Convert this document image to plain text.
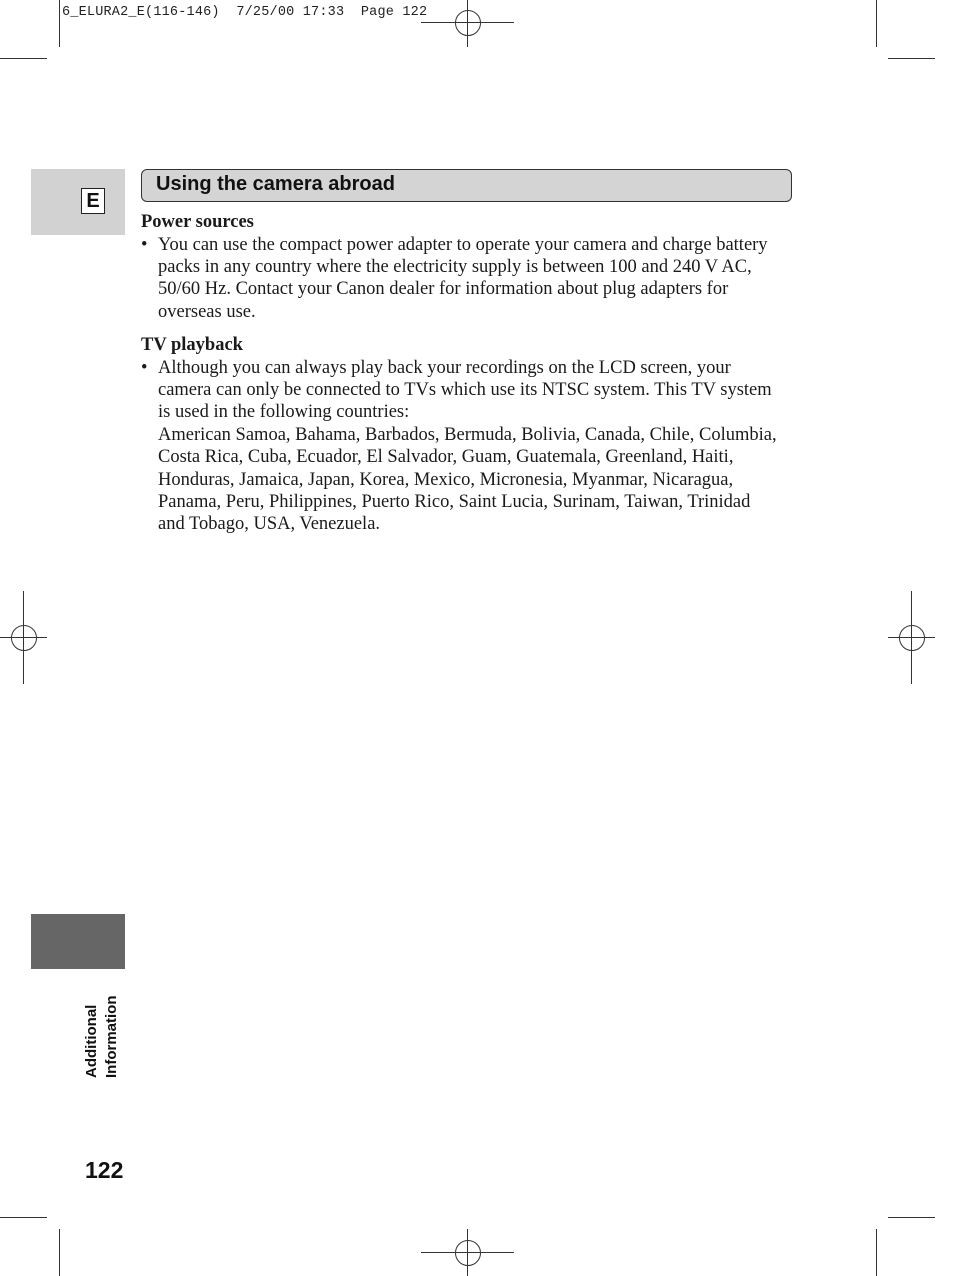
6_ELURA2_E(116-146)  7/25/00 17:33  Page 122
E
Using the camera abroad

Power sources

• You can use the compact power adapter to operate your camera and charge battery packs in any country where the electricity supply is between 100 and 240 V AC, 50/60 Hz. Contact your Canon dealer for information about plug adapters for overseas use.

TV playback

• Although you can always play back your recordings on the LCD screen, your camera can only be connected to TVs which use its NTSC system. This TV system is used in the following countries:

American Samoa, Bahama, Barbados, Bermuda, Bolivia, Canada, Chile, Columbia, Costa Rica, Cuba, Ecuador, El Salvador, Guam, Guatemala, Greenland, Haiti, Honduras, Jamaica, Japan, Korea, Mexico, Micronesia, Myanmar, Nicaragua, Panama, Peru, Philippines, Puerto Rico, Saint Lucia, Surinam, Taiwan, Trinidad and Tobago, USA, Venezuela.

Additional Information
122
